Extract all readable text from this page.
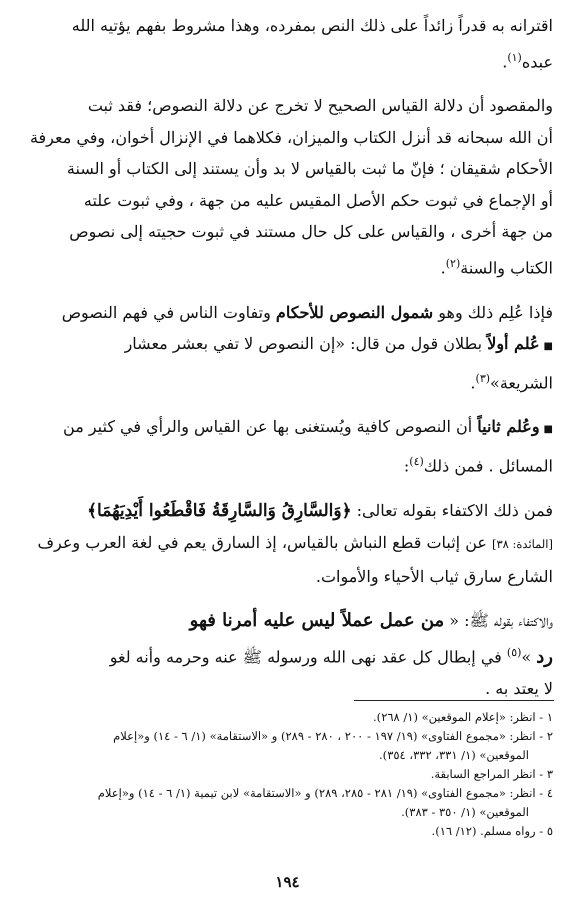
اقترانه به قدراً زائداً على ذلك النص بمفرده، وهذا مشروط بفهم يؤتيه الله

عبده$^{(١)}$.

والمقصود أن دلالة القياس الصحيح لا تخرج عن دلالة النصوص؛ فقد ثبت

أن الله سبحانه قد أنزل الكتاب والميزان، فكلاهما في الإنزال أخوان، وفي معرفة

الأحكام شقيقان ؛ فإنّ ما ثبت بالقياس لا بد وأن يستند إلى الكتاب أو السنة

أو الإجماع في ثبوت حكم الأصل المقيس عليه من جهة ، وفي ثبوت علته

من جهة أخرى ، والقياس على كل حال مستند في ثبوت حجيته إلى نصوص

الكتاب والسنة$^{(٢)}$.

فإذا عُلِم ذلك وهو شمول النصوص للأحكام وتفاوت الناس في فهم النصوص

■عُلم أولاً بطلان قول من قال: «إن النصوص لا تفي بعشر معشار

الشريعة»$^{(٣)}$.

■وعُلم ثانياً أن النصوص كافية ويُستغنى بها عن القياس والرأي في كثير من

المسائل . فمن ذلك$^{(٤)}$:

فمن ذلك الاكتفاء بقوله تعالى: ﴿وَالسَّارِقُ وَالسَّارِقَةُ فَاقْطَعُوا أَيْدِيَهُمَا﴾

[المائدة: ٣٨] عن إثبات قطع النباش بالقياس، إذ السارق يعم في لغة العرب وعرف

الشارع سارق ثياب الأحياء والأموات.

والاكتفاء بقوله ﷺ: « من عمل عملاً ليس عليه أمرنا فهو

رد »$^{(٥)}$ في إبطال كل عقد نهى الله ورسوله ﷺ عنه وحرمه وأنه لغو

لا يعتد به .

١ - انظر: «إعلام الموقعين» (١/ ٢٦٨).
٢ - انظر: «مجموع الفتاوى» (١٩/ ١٩٧ - ٢٠٠ ، ٢٨٠ - ٢٨٩) و «الاستقامة» (١/ ٦ - ١٤) و«إعلام
الموقعين» (١/ ٣٣١، ٣٣٢، ٣٥٤).
٣ - انظر المراجع السابقة.
٤ - انظر: «مجموع الفتاوى» (١٩/ ٢٨١ - ٢٨٥، ٢٨٩) و «الاستقامة» لابن تيمية (١/ ٦ - ١٤) و«إعلام
الموقعين» (١/ ٣٥٠ - ٣٨٣).
٥ - رواه مسلم. (١٢/ ١٦).
١٩٤
